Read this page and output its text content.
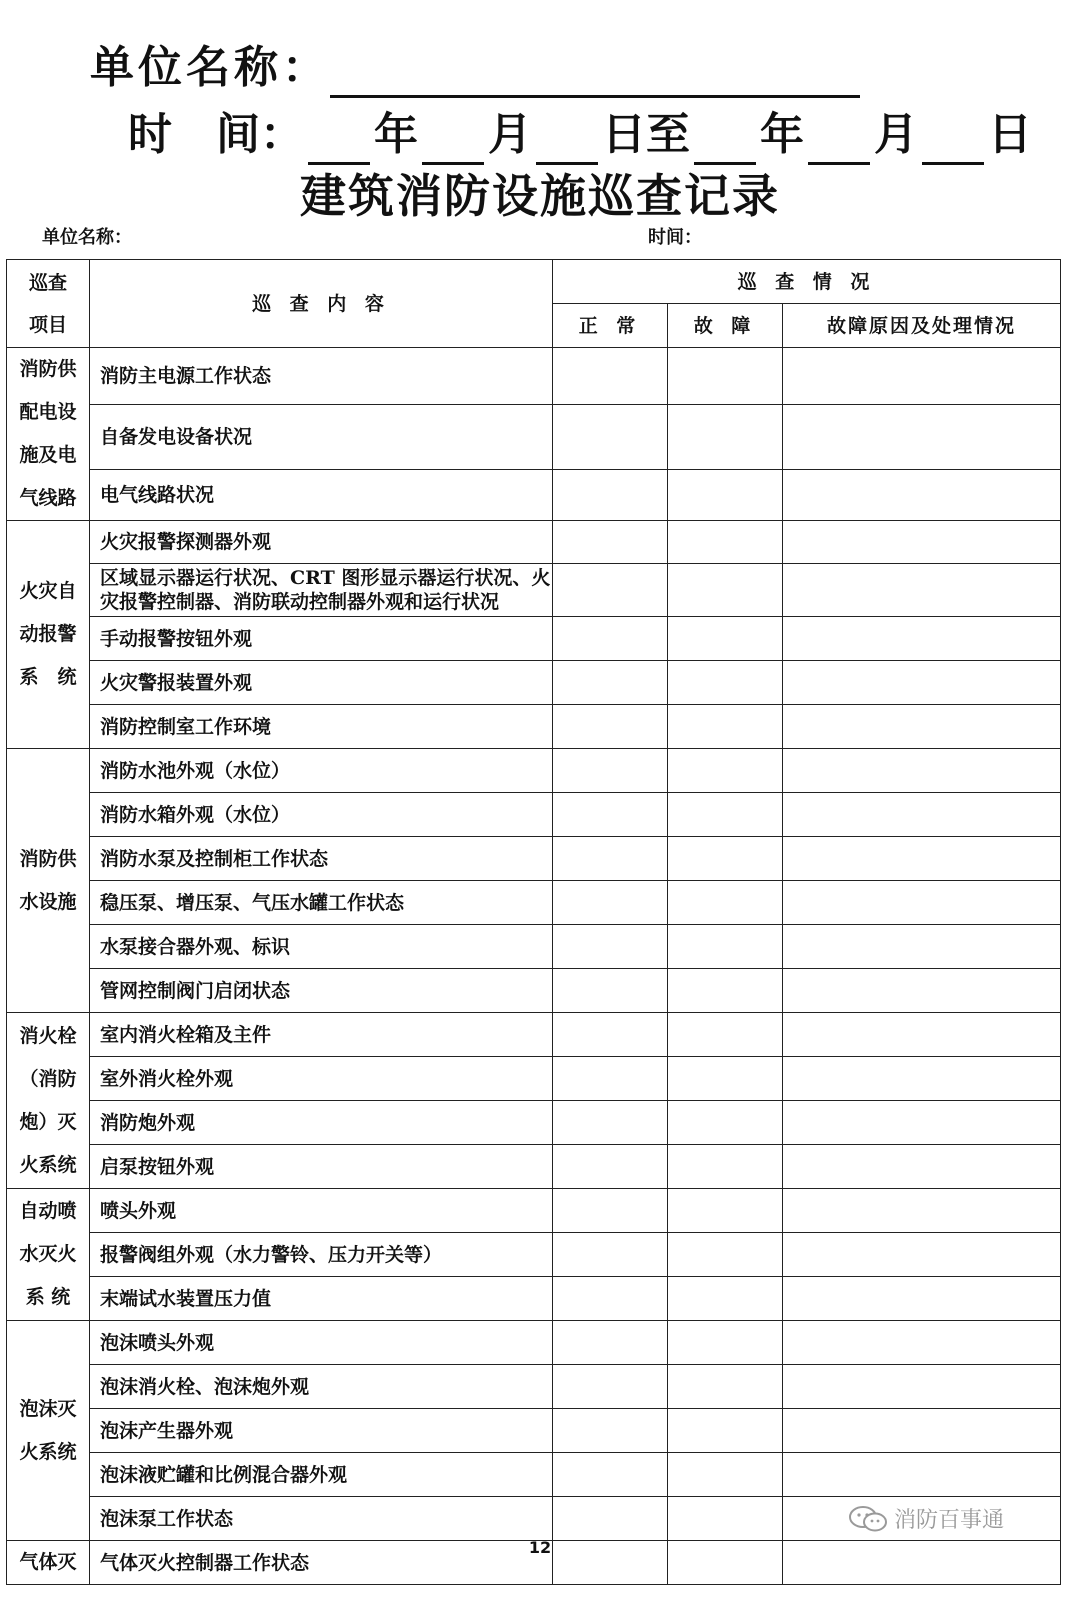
单位名称：
时　间： 年 月 日至 年 月 日
建筑消防设施巡查记录
单位名称：	时间：
巡查
项目	巡 查 内 容	巡 查 情 况		
		正 常	故 障	故障原因及处理情况

消防供
配电设
施及电
气线路	消防主电源工作状态			
	自备发电设备状况			
	电气线路状况			

火灾自
动报警
系　统	火灾报警探测器外观			
	区域显示器运行状况、CRT 图形显示器运行状况、火灾报警控制器、消防联动控制器外观和运行状况			
	手动报警按钮外观			
	火灾警报装置外观			
	消防控制室工作环境			

消防供
水设施	消防水池外观（水位）			
	消防水箱外观（水位）			
	消防水泵及控制柜工作状态			
	稳压泵、增压泵、气压水罐工作状态			
	水泵接合器外观、标识			
	管网控制阀门启闭状态			

消火栓
（消防
炮）灭
火系统	室内消火栓箱及主件			
	室外消火栓外观			
	消防炮外观			
	启泵按钮外观			

自动喷
水灭火
系 统	喷头外观			
	报警阀组外观（水力警铃、压力开关等）			
	末端试水装置压力值			

泡沫灭
火系统	泡沫喷头外观			
	泡沫消火栓、泡沫炮外观			
	泡沫产生器外观			
	泡沫液贮罐和比例混合器外观			
	泡沫泵工作状态			

气体灭	气体灭火控制器工作状态			
12
消防百事通
